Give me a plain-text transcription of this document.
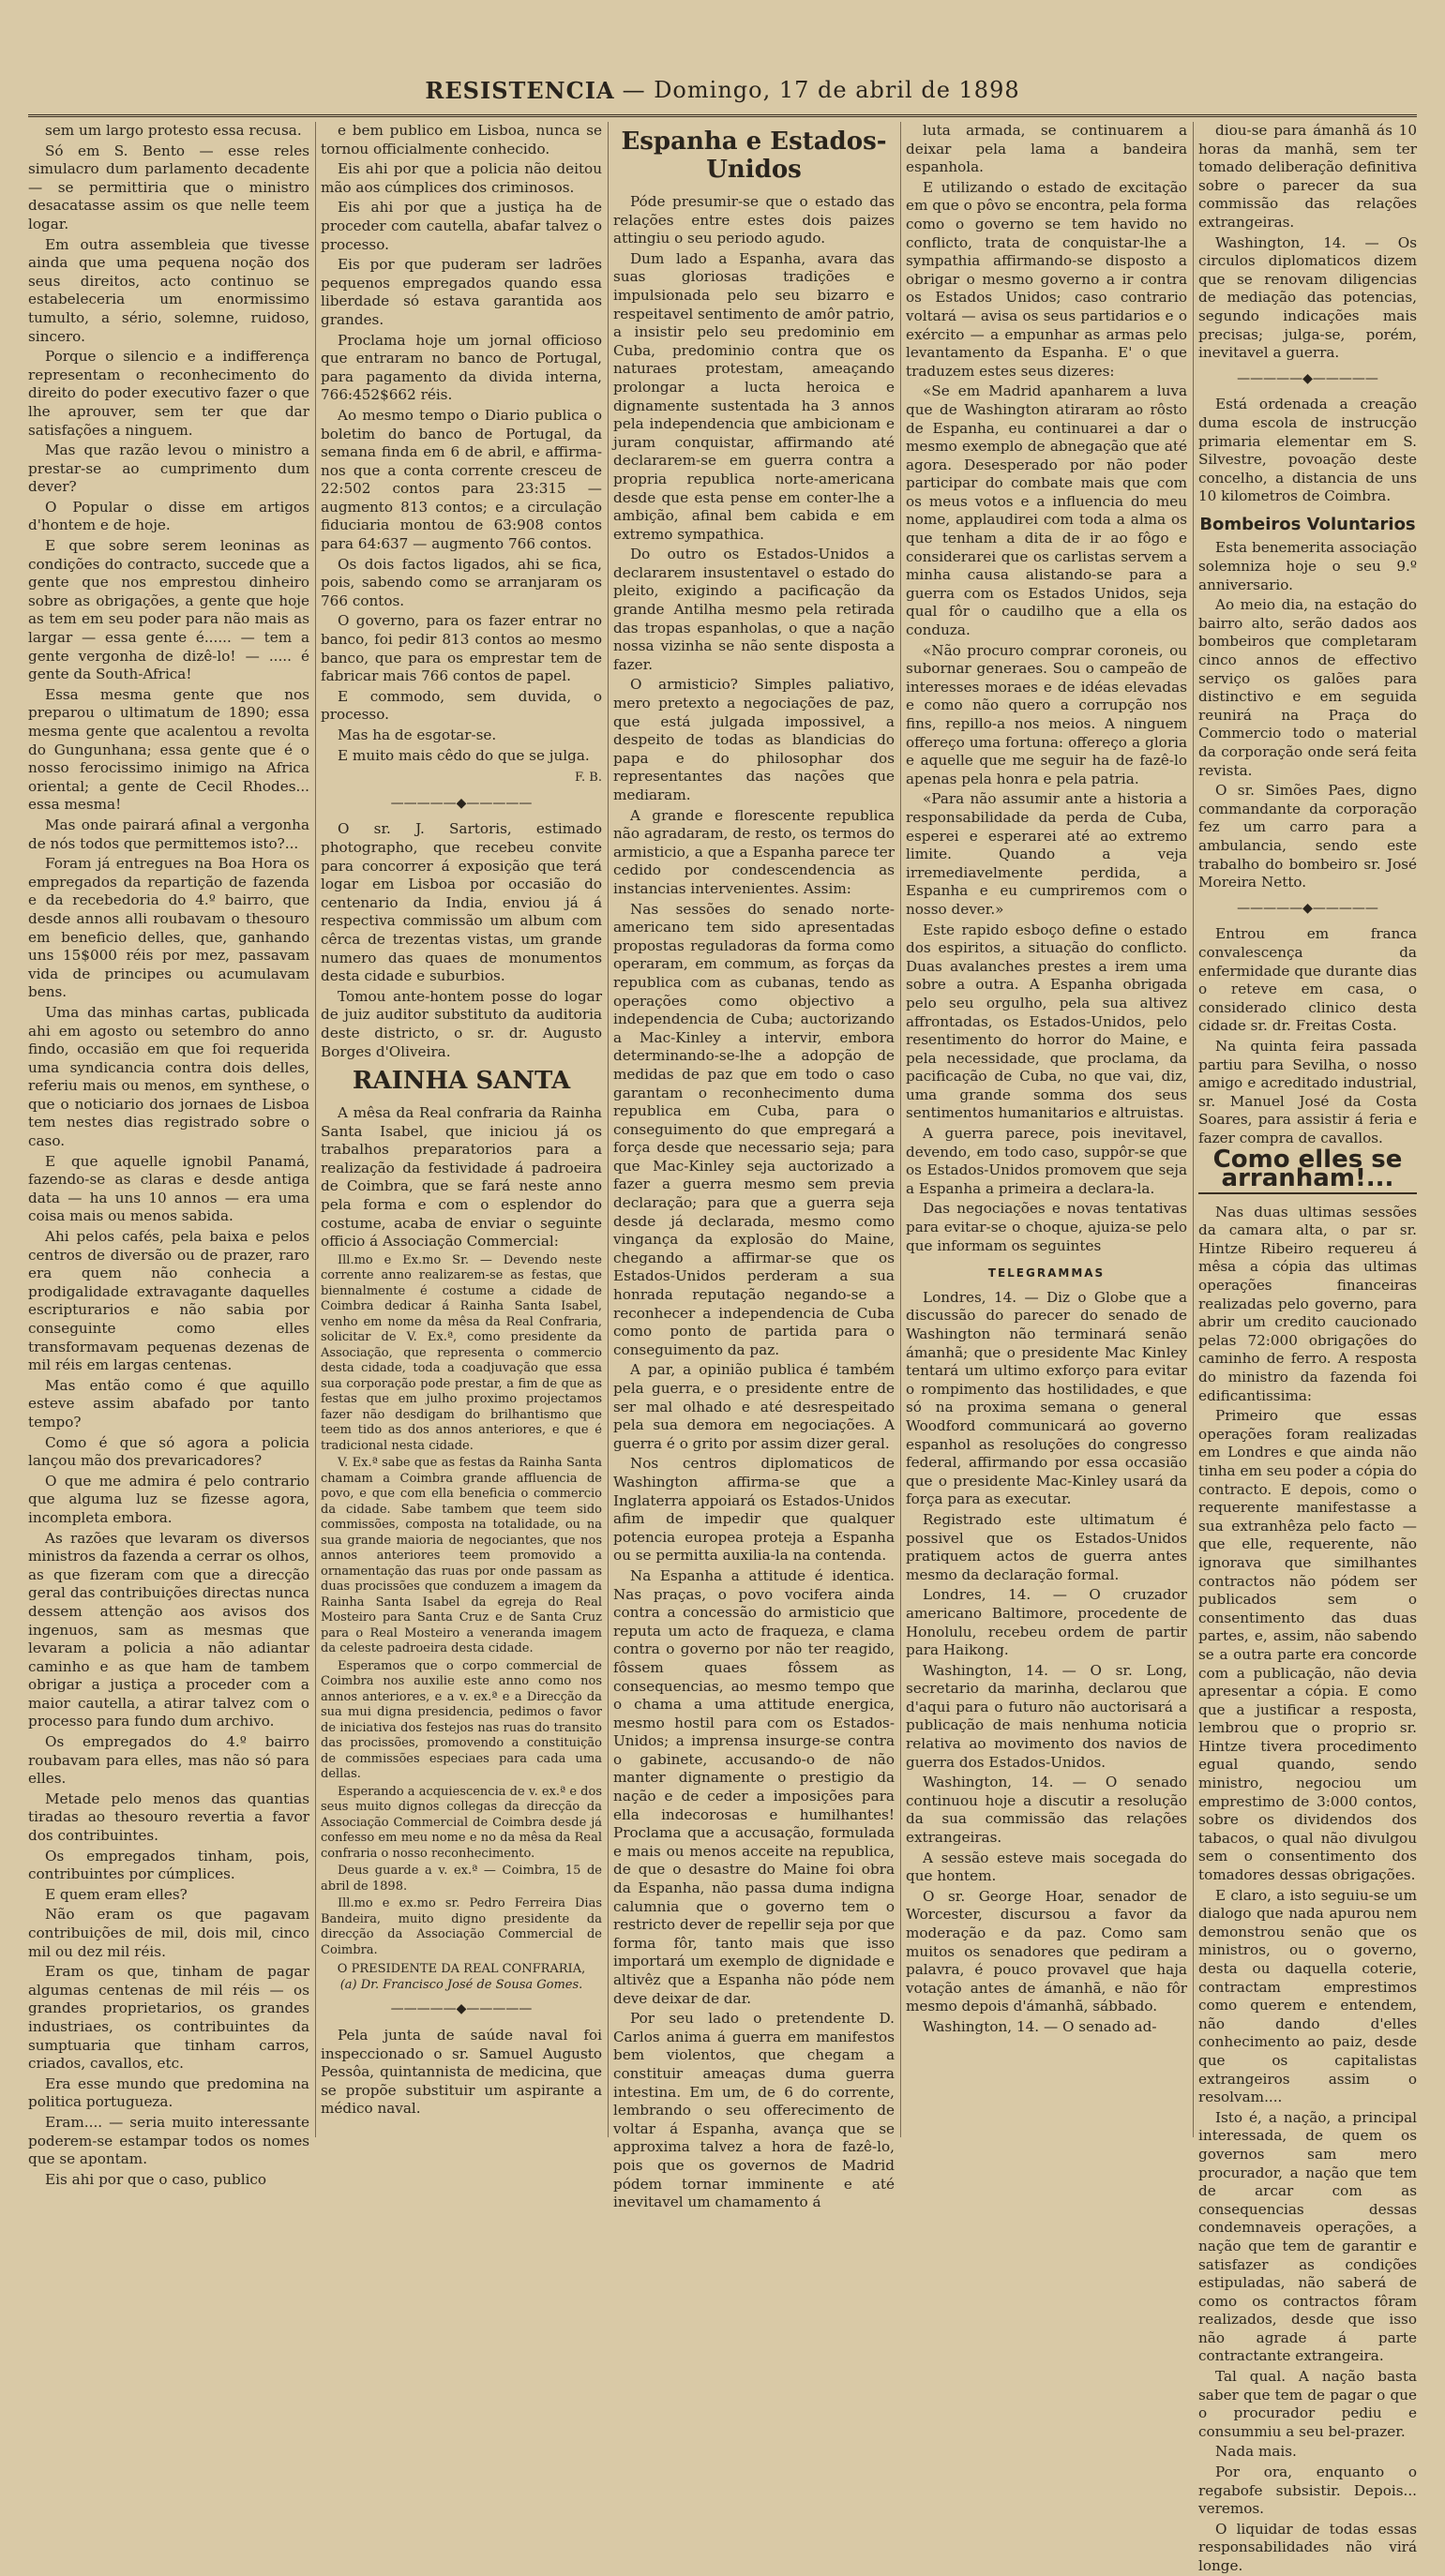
RESISTENCIA — Domingo, 17 de abril de 1898

sem um largo protesto essa recusa.

Só em S. Bento — esse reles simulacro dum parlamento decadente — se permittiria que o ministro desacatasse assim os que nelle teem logar.

Em outra assembleia que tivesse ainda que uma pequena noção dos seus direitos, acto continuo se estabeleceria um enormissimo tumulto, a sério, solemne, ruidoso, sincero.

Porque o silencio e a indifferença representam o reconhecimento do direito do poder executivo fazer o que lhe aprouver, sem ter que dar satisfações a ninguem.

Mas que razão levou o ministro a prestar-se ao cumprimento dum dever?

O Popular o disse em artigos d'hontem e de hoje.

E que sobre serem leoninas as condições do contracto, succede que a gente que nos emprestou dinheiro sobre as obrigações, a gente que hoje as tem em seu poder para não mais as largar — essa gente é...... — tem a gente vergonha de dizê-lo! — ..... é gente da South-Africa!

Essa mesma gente que nos preparou o ultimatum de 1890; essa mesma gente que acalentou a revolta do Gungunhana; essa gente que é o nosso ferocissimo inimigo na Africa oriental; a gente de Cecil Rhodes... essa mesma!

Mas onde pairará afinal a vergonha de nós todos que permittemos isto?...

Foram já entregues na Boa Hora os empregados da repartição de fazenda e da recebedoria do 4.º bairro, que desde annos alli roubavam o thesouro em beneficio delles, que, ganhando uns 15$000 réis por mez, passavam vida de principes ou acumulavam bens.

Uma das minhas cartas, publicada ahi em agosto ou setembro do anno findo, occasião em que foi requerida uma syndicancia contra dois delles, referiu mais ou menos, em synthese, o que o noticiario dos jornaes de Lisboa tem nestes dias registrado sobre o caso.

E que aquelle ignobil Panamá, fazendo-se as claras e desde antiga data — ha uns 10 annos — era uma coisa mais ou menos sabida.

Ahi pelos cafés, pela baixa e pelos centros de diversão ou de prazer, raro era quem não conhecia a prodigalidade extravagante daquelles escripturarios e não sabia por conseguinte como elles transformavam pequenas dezenas de mil réis em largas centenas.

Mas então como é que aquillo esteve assim abafado por tanto tempo?

Como é que só agora a policia lançou mão dos prevaricadores?

O que me admira é pelo contrario que alguma luz se fizesse agora, incompleta embora.

As razões que levaram os diversos ministros da fazenda a cerrar os olhos, as que fizeram com que a direcção geral das contribuições directas nunca dessem attenção aos avisos dos ingenuos, sam as mesmas que levaram a policia a não adiantar caminho e as que ham de tambem obrigar a justiça a proceder com a maior cautella, a atirar talvez com o processo para fundo dum archivo.

Os empregados do 4.º bairro roubavam para elles, mas não só para elles.

Metade pelo menos das quantias tiradas ao thesouro revertia a favor dos contribuintes.

Os empregados tinham, pois, contribuintes por cúmplices.

E quem eram elles?

Não eram os que pagavam contribuições de mil, dois mil, cinco mil ou dez mil réis.

Eram os que, tinham de pagar algumas centenas de mil réis — os grandes proprietarios, os grandes industriaes, os contribuintes da sumptuaria que tinham carros, criados, cavallos, etc.

Era esse mundo que predomina na politica portugueza.

Eram.... — seria muito interessante poderem-se estampar todos os nomes que se apontam.

Eis ahi por que o caso, publico

e bem publico em Lisboa, nunca se tornou officialmente conhecido.

Eis ahi por que a policia não deitou mão aos cúmplices dos criminosos.

Eis ahi por que a justiça ha de proceder com cautella, abafar talvez o processo.

Eis por que puderam ser ladrões pequenos empregados quando essa liberdade só estava garantida aos grandes.

Proclama hoje um jornal officioso que entraram no banco de Portugal, para pagamento da divida interna, 766:452$662 réis.

Ao mesmo tempo o Diario publica o boletim do banco de Portugal, da semana finda em 6 de abril, e affirma-nos que a conta corrente cresceu de 22:502 contos para 23:315 — augmento 813 contos; e a circulação fiduciaria montou de 63:908 contos para 64:637 — augmento 766 contos.

Os dois factos ligados, ahi se fica, pois, sabendo como se arranjaram os 766 contos.

O governo, para os fazer entrar no banco, foi pedir 813 contos ao mesmo banco, que para os emprestar tem de fabricar mais 766 contos de papel.

E commodo, sem duvida, o processo.

Mas ha de esgotar-se.

E muito mais cêdo do que se julga.

F. B.
—————◆—————

O sr. J. Sartoris, estimado photographo, que recebeu convite para concorrer á exposição que terá logar em Lisboa por occasião do centenario da India, enviou já á respectiva commissão um album com cêrca de trezentas vistas, um grande numero das quaes de monumentos desta cidade e suburbios.

Tomou ante-hontem posse do logar de juiz auditor substituto da auditoria deste districto, o sr. dr. Augusto Borges d'Oliveira.

RAINHA SANTA

A mêsa da Real confraria da Rainha Santa Isabel, que iniciou já os trabalhos preparatorios para a realização da festividade á padroeira de Coimbra, que se fará neste anno pela forma e com o esplendor do costume, acaba de enviar o seguinte officio á Associação Commercial:

Ill.mo e Ex.mo Sr. — Devendo neste corrente anno realizarem-se as festas, que biennalmente é costume a cidade de Coimbra dedicar á Rainha Santa Isabel, venho em nome da mêsa da Real Confraria, solicitar de V. Ex.ª, como presidente da Associação, que representa o commercio desta cidade, toda a coadjuvação que essa sua corporação pode prestar, a fim de que as festas que em julho proximo projectamos fazer não desdigam do brilhantismo que teem tido as dos annos anteriores, e que é tradicional nesta cidade.

V. Ex.ª sabe que as festas da Rainha Santa chamam a Coimbra grande affluencia de povo, e que com ella beneficia o commercio da cidade. Sabe tambem que teem sido commissões, composta na totalidade, ou na sua grande maioria de negociantes, que nos annos anteriores teem promovido a ornamentação das ruas por onde passam as duas procissões que conduzem a imagem da Rainha Santa Isabel da egreja do Real Mosteiro para Santa Cruz e de Santa Cruz para o Real Mosteiro a veneranda imagem da celeste padroeira desta cidade.

Esperamos que o corpo commercial de Coimbra nos auxilie este anno como nos annos anteriores, e a v. ex.ª e a Direcção da sua mui digna presidencia, pedimos o favor de iniciativa dos festejos nas ruas do transito das procissões, promovendo a constituição de commissões especiaes para cada uma dellas.

Esperando a acquiescencia de v. ex.ª e dos seus muito dignos collegas da direcção da Associação Commercial de Coimbra desde já confesso em meu nome e no da mêsa da Real confraria o nosso reconhecimento.

Deus guarde a v. ex.ª — Coimbra, 15 de abril de 1898.

Ill.mo e ex.mo sr. Pedro Ferreira Dias Bandeira, muito digno presidente da direcção da Associação Commercial de Coimbra.

O PRESIDENTE DA REAL CONFRARIA,
(a) Dr. Francisco José de Sousa Gomes.
—————◆—————

Pela junta de saúde naval foi inspeccionado o sr. Samuel Augusto Pessôa, quintannista de medicina, que se propõe substituir um aspirante a médico naval.

Espanha e Estados-Unidos

Póde presumir-se que o estado das relações entre estes dois paizes attingiu o seu periodo agudo.

Dum lado a Espanha, avara das suas gloriosas tradições e impulsionada pelo seu bizarro e respeitavel sentimento de amôr patrio, a insistir pelo seu predominio em Cuba, predominio contra que os naturaes protestam, ameaçando prolongar a lucta heroica e dignamente sustentada ha 3 annos pela independencia que ambicionam e juram conquistar, affirmando até declararem-se em guerra contra a propria republica norte-americana desde que esta pense em conter-lhe a ambição, afinal bem cabida e em extremo sympathica.

Do outro os Estados-Unidos a declararem insustentavel o estado do pleito, exigindo a pacificação da grande Antilha mesmo pela retirada das tropas espanholas, o que a nação nossa vizinha se não sente disposta a fazer.

O armisticio? Simples paliativo, mero pretexto a negociações de paz, que está julgada impossivel, a despeito de todas as blandicias do papa e do philosophar dos representantes das nações que mediaram.

A grande e florescente republica não agradaram, de resto, os termos do armisticio, a que a Espanha parece ter cedido por condescendencia as instancias intervenientes. Assim:

Nas sessões do senado norte-americano tem sido apresentadas propostas reguladoras da forma como operaram, em commum, as forças da republica com as cubanas, tendo as operações como objectivo a independencia de Cuba; auctorizando a Mac-Kinley a intervir, embora determinando-se-lhe a adopção de medidas de paz que em todo o caso garantam o reconhecimento duma republica em Cuba, para o conseguimento do que empregará a força desde que necessario seja; para que Mac-Kinley seja auctorizado a fazer a guerra mesmo sem previa declaração; para que a guerra seja desde já declarada, mesmo como vingança da explosão do Maine, chegando a affirmar-se que os Estados-Unidos perderam a sua honrada reputação negando-se a reconhecer a independencia de Cuba como ponto de partida para o conseguimento da paz.

A par, a opinião publica é também pela guerra, e o presidente entre de ser mal olhado e até desrespeitado pela sua demora em negociações. A guerra é o grito por assim dizer geral.

Nos centros diplomaticos de Washington affirma-se que a Inglaterra appoiará os Estados-Unidos afim de impedir que qualquer potencia europea proteja a Espanha ou se permitta auxilia-la na contenda.

Na Espanha a attitude é identica. Nas praças, o povo vocifera ainda contra a concessão do armisticio que reputa um acto de fraqueza, e clama contra o governo por não ter reagido, fôssem quaes fôssem as consequencias, ao mesmo tempo que o chama a uma attitude energica, mesmo hostil para com os Estados-Unidos; a imprensa insurge-se contra o gabinete, accusando-o de não manter dignamente o prestigio da nação e de ceder a imposições para ella indecorosas e humilhantes! Proclama que a accusação, formulada e mais ou menos acceite na republica, de que o desastre do Maine foi obra da Espanha, não passa duma indigna calumnia que o governo tem o restricto dever de repellir seja por que forma fôr, tanto mais que isso importará um exemplo de dignidade e altivêz que a Espanha não póde nem deve deixar de dar.

Por seu lado o pretendente D. Carlos anima á guerra em manifestos bem violentos, que chegam a constituir ameaças duma guerra intestina. Em um, de 6 do corrente, lembrando o seu offerecimento de voltar á Espanha, avança que se approxima talvez a hora de fazê-lo, pois que os governos de Madrid pódem tornar imminente e até inevitavel um chamamento á

luta armada, se continuarem a deixar pela lama a bandeira espanhola.

E utilizando o estado de excitação em que o pôvo se encontra, pela forma como o governo se tem havido no conflicto, trata de conquistar-lhe a sympathia affirmando-se disposto a obrigar o mesmo governo a ir contra os Estados Unidos; caso contrario voltará — avisa os seus partidarios e o exército — a empunhar as armas pelo levantamento da Espanha. E' o que traduzem estes seus dizeres:

«Se em Madrid apanharem a luva que de Washington atiraram ao rôsto de Espanha, eu continuarei a dar o mesmo exemplo de abnegação que até agora. Desesperado por não poder participar do combate mais que com os meus votos e a influencia do meu nome, applaudirei com toda a alma os que tenham a dita de ir ao fôgo e considerarei que os carlistas servem a minha causa alistando-se para a guerra com os Estados Unidos, seja qual fôr o caudilho que a ella os conduza.

«Não procuro comprar coroneis, ou subornar generaes. Sou o campeão de interesses moraes e de idéas elevadas e como não quero a corrupção nos fins, repillo-a nos meios. A ninguem offereço uma fortuna: offereço a gloria e aquelle que me seguir ha de fazê-lo apenas pela honra e pela patria.

«Para não assumir ante a historia a responsabilidade da perda de Cuba, esperei e esperarei até ao extremo limite. Quando a veja irremediavelmente perdida, a Espanha e eu cumpriremos com o nosso dever.»

Este rapido esboço define o estado dos espiritos, a situação do conflicto. Duas avalanches prestes a irem uma sobre a outra. A Espanha obrigada pelo seu orgulho, pela sua altivez affrontadas, os Estados-Unidos, pelo resentimento do horror do Maine, e pela necessidade, que proclama, da pacificação de Cuba, no que vai, diz, uma grande somma dos seus sentimentos humanitarios e altruistas.

A guerra parece, pois inevitavel, devendo, em todo caso, suppôr-se que os Estados-Unidos promovem que seja a Espanha a primeira a declara-la.

Das negociações e novas tentativas para evitar-se o choque, ajuiza-se pelo que informam os seguintes

TELEGRAMMAS

Londres, 14. — Diz o Globe que a discussão do parecer do senado de Washington não terminará senão ámanhã; que o presidente Mac Kinley tentará um ultimo exforço para evitar o rompimento das hostilidades, e que só na proxima semana o general Woodford communicará ao governo espanhol as resoluções do congresso federal, affirmando por essa occasião que o presidente Mac-Kinley usará da força para as executar.

Registrado este ultimatum é possivel que os Estados-Unidos pratiquem actos de guerra antes mesmo da declaração formal.

Londres, 14. — O cruzador americano Baltimore, procedente de Honolulu, recebeu ordem de partir para Haikong.

Washington, 14. — O sr. Long, secretario da marinha, declarou que d'aqui para o futuro não auctorisará a publicação de mais nenhuma noticia relativa ao movimento dos navios de guerra dos Estados-Unidos.

Washington, 14. — O senado continuou hoje a discutir a resolução da sua commissão das relações extrangeiras.

A sessão esteve mais socegada do que hontem.

O sr. George Hoar, senador de Worcester, discursou a favor da moderação e da paz. Como sam muitos os senadores que pediram a palavra, é pouco provavel que haja votação antes de ámanhã, e não fôr mesmo depois d'ámanhã, sábbado.

Washington, 14. — O senado ad-

diou-se para ámanhã ás 10 horas da manhã, sem ter tomado deliberação definitiva sobre o parecer da sua commissão das relações extrangeiras.

Washington, 14. — Os circulos diplomaticos dizem que se renovam diligencias de mediação das potencias, segundo indicações mais precisas; julga-se, porém, inevitavel a guerra.

—————◆—————

Está ordenada a creação duma escola de instrucção primaria elementar em S. Silvestre, povoação deste concelho, a distancia de uns 10 kilometros de Coimbra.

Bombeiros Voluntarios

Esta benemerita associação solemniza hoje o seu 9.º anniversario.

Ao meio dia, na estação do bairro alto, serão dados aos bombeiros que completaram cinco annos de effectivo serviço os galões para distinctivo e em seguida reunirá na Praça do Commercio todo o material da corporação onde será feita revista.

O sr. Simões Paes, digno commandante da corporação fez um carro para a ambulancia, sendo este trabalho do bombeiro sr. José Moreira Netto.

—————◆—————

Entrou em franca convalescença da enfermidade que durante dias o reteve em casa, o considerado clinico desta cidade sr. dr. Freitas Costa.

Na quinta feira passada partiu para Sevilha, o nosso amigo e acreditado industrial, sr. Manuel José da Costa Soares, para assistir á feria e fazer compra de cavallos.

Como elles se arranham!...

Nas duas ultimas sessões da camara alta, o par sr. Hintze Ribeiro requereu á mêsa a cópia das ultimas operações financeiras realizadas pelo governo, para abrir um credito caucionado pelas 72:000 obrigações do caminho de ferro. A resposta do ministro da fazenda foi edificantissima:

Primeiro que essas operações foram realizadas em Londres e que ainda não tinha em seu poder a cópia do contracto. E depois, como o requerente manifestasse a sua extranhêza pelo facto — que elle, requerente, não ignorava que similhantes contractos não pódem ser publicados sem o consentimento das duas partes, e, assim, não sabendo se a outra parte era concorde com a publicação, não devia apresentar a cópia. E como que a justificar a resposta, lembrou que o proprio sr. Hintze tivera procedimento egual quando, sendo ministro, negociou um emprestimo de 3:000 contos, sobre os dividendos dos tabacos, o qual não divulgou sem o consentimento dos tomadores dessas obrigações.

E claro, a isto seguiu-se um dialogo que nada apurou nem demonstrou senão que os ministros, ou o governo, desta ou daquella coterie, contractam emprestimos como querem e entendem, não dando d'elles conhecimento ao paiz, desde que os capitalistas extrangeiros assim o resolvam....

Isto é, a nação, a principal interessada, de quem os governos sam mero procurador, a nação que tem de arcar com as consequencias dessas condemnaveis operações, a nação que tem de garantir e satisfazer as condições estipuladas, não saberá de como os contractos fôram realizados, desde que isso não agrade á parte contractante extrangeira.

Tal qual. A nação basta saber que tem de pagar o que o procurador pediu e consummiu a seu bel-prazer.

Nada mais.

Por ora, enquanto o regabofe subsistir. Depois... veremos.

O liquidar de todas essas responsabilidades não virá longe.
